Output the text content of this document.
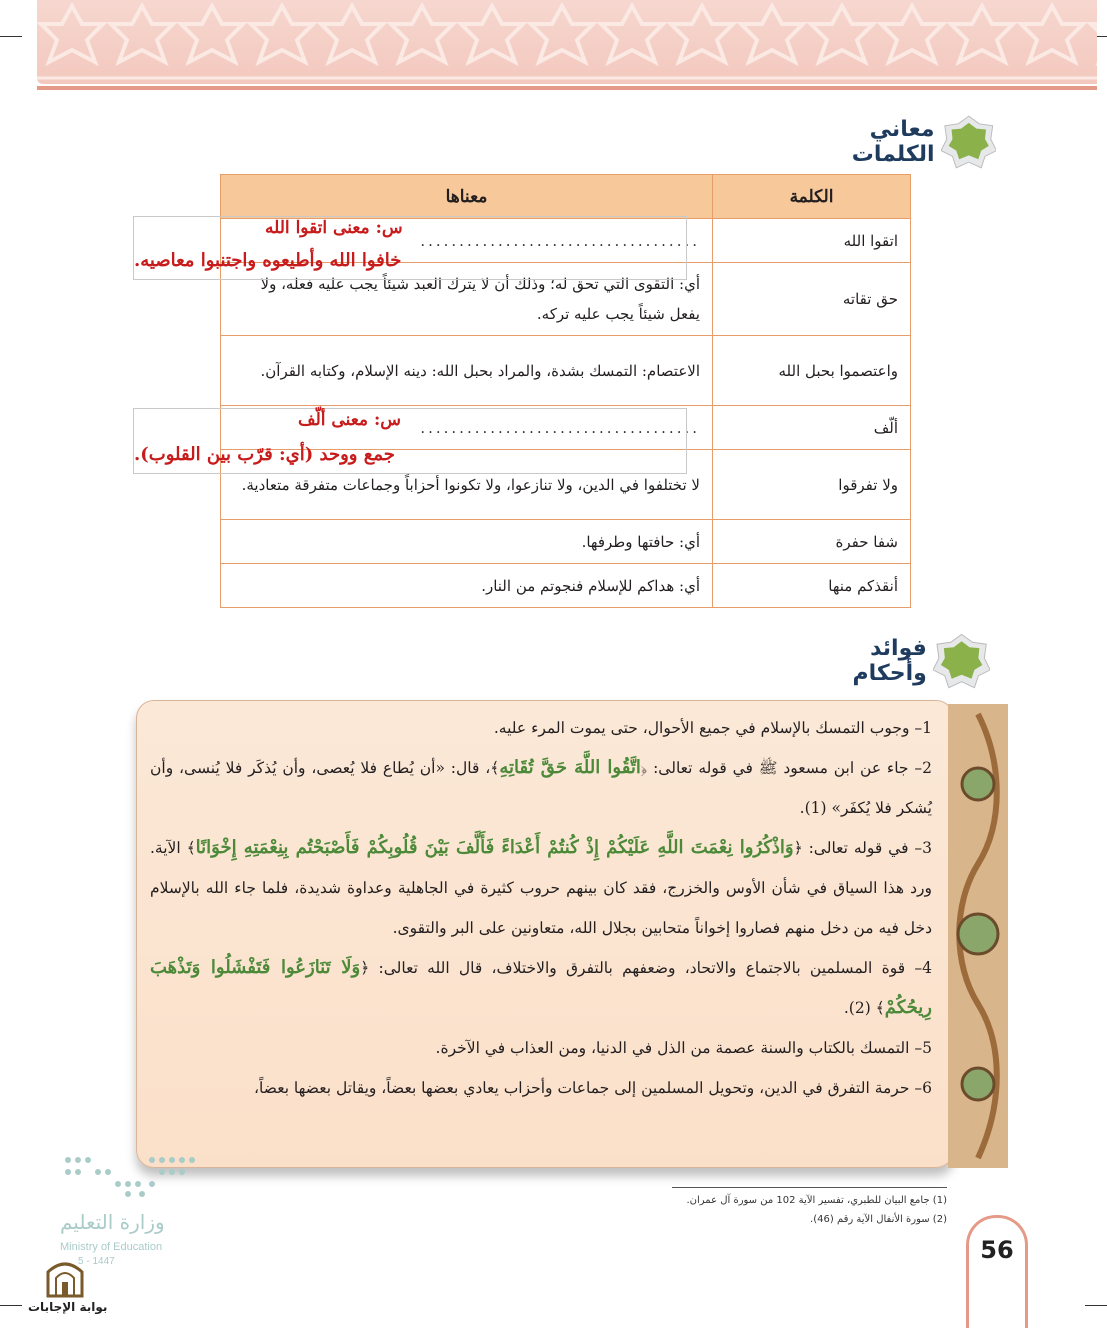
معاني الكلمات
الكلمة	معناها
اتقوا الله	....................................
حق تقاته	أي: التقوى التي تحق له؛ وذلك أن لا يترك العبد شيئاً يجب عليه فعله، ولا يفعل شيئاً يجب عليه تركه.
واعتصموا بحبل الله	الاعتصام: التمسك بشدة، والمراد بحبل الله: دينه الإسلام، وكتابه القرآن.
ألّف	....................................
ولا تفرقوا	لا تختلفوا في الدين، ولا تنازعوا، ولا تكونوا أحزاباً وجماعات متفرقة متعادية.
شفا حفرة	أي: حافتها وطرفها.
أنقذكم منها	أي: هداكم للإسلام فنجوتم من النار.
س: معنى اتقوا الله
خافوا الله وأطيعوه واجتنبوا معاصيه.
س: معنى ألّف
جمع ووحد (أي: قرّب بين القلوب).
فوائد وأحكام

1– وجوب التمسك بالإسلام في جميع الأحوال، حتى يموت المرء عليه.

2– جاء عن ابن مسعود ﷺ في قوله تعالى: ﴿اتَّقُوا اللَّهَ حَقَّ تُقَاتِهِ﴾، قال: «أن يُطاع فلا يُعصى، وأن يُذكَر فلا يُنسى، وأن يُشكر فلا يُكفَر» (1).

3– في قوله تعالى: ﴿وَاذْكُرُوا نِعْمَتَ اللَّهِ عَلَيْكُمْ إِذْ كُنتُمْ أَعْدَاءً فَأَلَّفَ بَيْنَ قُلُوبِكُمْ فَأَصْبَحْتُم بِنِعْمَتِهِ إِخْوَانًا﴾ الآية. ورد هذا السياق في شأن الأوس والخزرج، فقد كان بينهم حروب كثيرة في الجاهلية وعداوة شديدة، فلما جاء الله بالإسلام دخل فيه من دخل منهم فصاروا إخواناً متحابين بجلال الله، متعاونين على البر والتقوى.

4– قوة المسلمين بالاجتماع والاتحاد، وضعفهم بالتفرق والاختلاف، قال الله تعالى: ﴿وَلَا تَنَازَعُوا فَتَفْشَلُوا وَتَذْهَبَ رِيحُكُمْ﴾ (2).

5– التمسك بالكتاب والسنة عصمة من الذل في الدنيا، ومن العذاب في الآخرة.

6– حرمة التفرق في الدين، وتحويل المسلمين إلى جماعات وأحزاب يعادي بعضها بعضاً، ويقاتل بعضها بعضاً،

(1) جامع البيان للطبري، تفسير الآية 102 من سورة آل عمران.
(2) سورة الأنفال الآية رقم (46).
56
وزارة التعليم
Ministry of Education
5 - 1447
بوابة الإجابات
